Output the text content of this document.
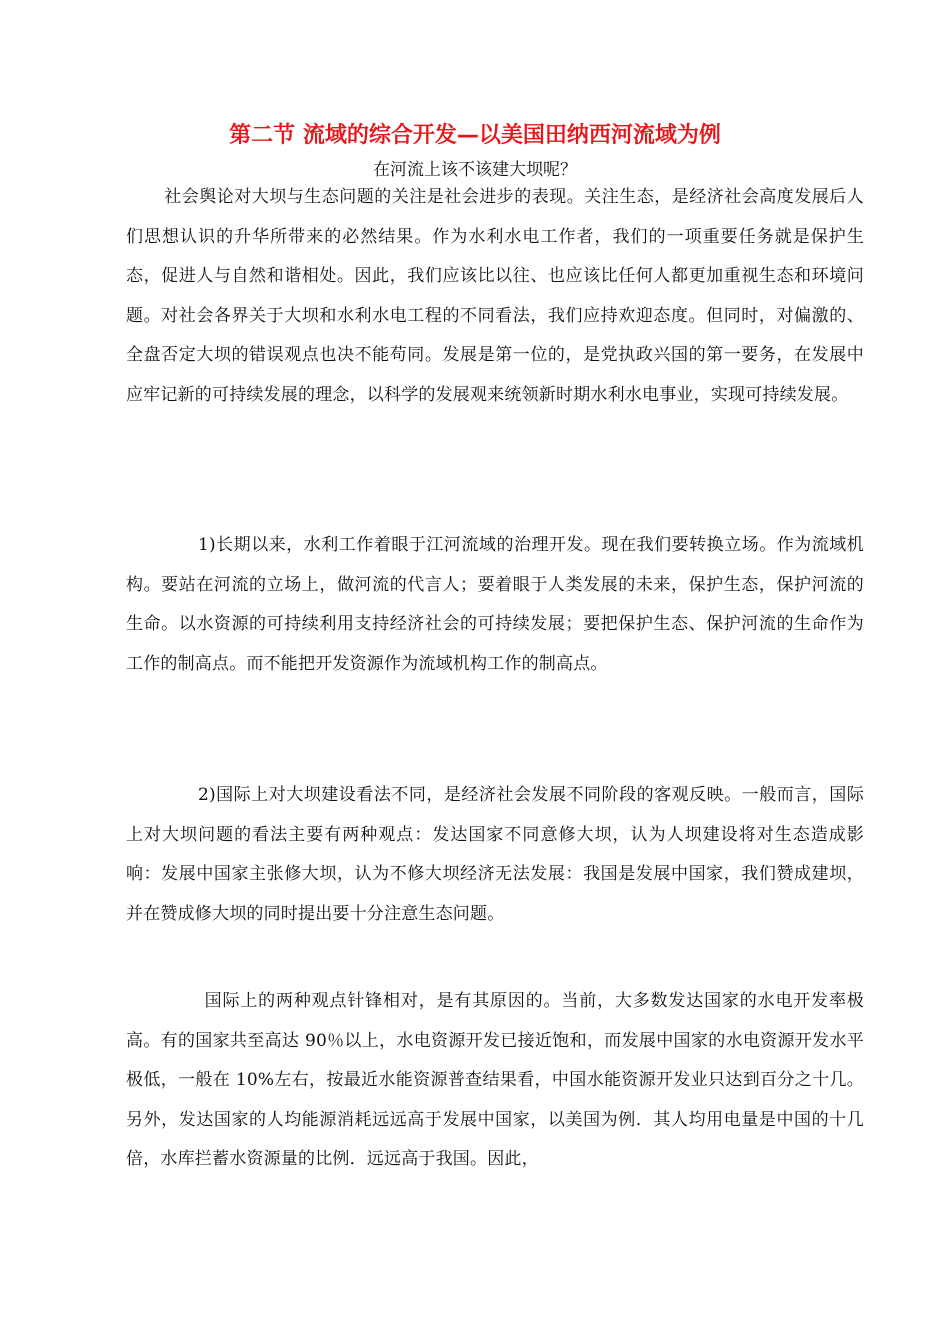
第二节 流域的综合开发—以美国田纳西河流域为例

在河流上该不该建大坝呢？

社会舆论对大坝与生态问题的关注是社会进步的表现。关注生态，是经济社会高度发展后人们思想认识的升华所带来的必然结果。作为水利水电工作者，我们的一项重要任务就是保护生态，促进人与自然和谐相处。因此，我们应该比以往、也应该比任何人都更加重视生态和环境问题。对社会各界关于大坝和水利水电工程的不同看法，我们应持欢迎态度。但同时，对偏激的、全盘否定大坝的错误观点也决不能苟同。发展是第一位的，是党执政兴国的第一要务，在发展中应牢记新的可持续发展的理念，以科学的发展观来统领新时期水利水电事业，实现可持续发展。

1)长期以来，水利工作着眼于江河流域的治理开发。现在我们要转换立场。作为流域机构。要站在河流的立场上，做河流的代言人；要着眼于人类发展的未来，保护生态，保护河流的生命。以水资源的可持续利用支持经济社会的可持续发展；要把保护生态、保护河流的生命作为工作的制高点。而不能把开发资源作为流域机构工作的制高点。

2)国际上对大坝建设看法不同，是经济社会发展不同阶段的客观反映。一般而言，国际上对大坝问题的看法主要有两种观点：发达国家不同意修大坝，认为人坝建设将对生态造成影响：发展中国家主张修大坝，认为不修大坝经济无法发展：我国是发展中国家，我们赞成建坝，并在赞成修大坝的同时提出要十分注意生态问题。

国际上的两种观点针锋相对，是有其原因的。当前，大多数发达国家的水电开发率极高。有的国家共至高达 90％以上，水电资源开发已接近饱和，而发展中国家的水电资源开发水平极低，一般在 10%左右，按最近水能资源普查结果看，中国水能资源开发业只达到百分之十几。另外，发达国家的人均能源消耗远远高于发展中国家，以美国为例．其人均用电量是中国的十几倍，水库拦蓄水资源量的比例．远远高于我国。因此，
